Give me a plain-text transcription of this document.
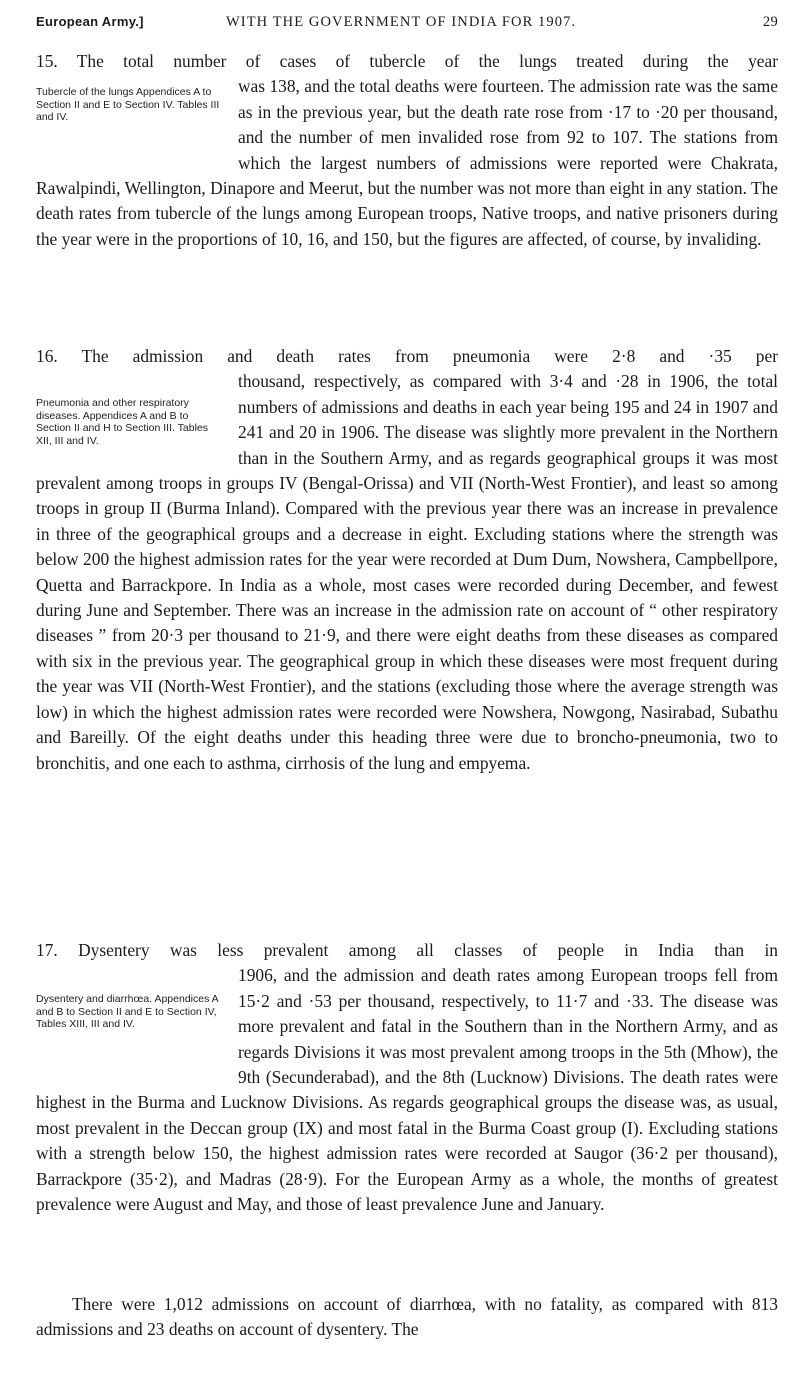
European Army.]	WITH THE GOVERNMENT OF INDIA FOR 1907.	29
15. The total number of cases of tubercle of the lungs treated during the year
Tubercle of the lungs Appendices A to Section II and E to Section IV. Tables III and IV.
was 138, and the total deaths were fourteen. The admission rate was the same as in the previous year, but the death rate rose from ·17 to ·20 per thousand, and the number of men invalided rose from 92 to 107. The stations from which the largest numbers of admissions were reported were Chakrata, Rawalpindi, Wellington, Dinapore and Meerut, but the number was not more than eight in any station. The death rates from tubercle of the lungs among European troops, Native troops, and native prisoners during the year were in the proportions of 10, 16, and 150, but the figures are affected, of course, by invaliding.
16. The admission and death rates from pneumonia were 2·8 and ·35 per
Pneumonia and other respiratory diseases. Appendices A and B to Section II and H to Section III. Tables XII, III and IV.
thousand, respectively, as compared with 3·4 and ·28 in 1906, the total numbers of admissions and deaths in each year being 195 and 24 in 1907 and 241 and 20 in 1906. The disease was slightly more prevalent in the Northern than in the Southern Army, and as regards geographical groups it was most prevalent among troops in groups IV (Bengal-Orissa) and VII (North-West Frontier), and least so among troops in group II (Burma Inland). Compared with the previous year there was an increase in prevalence in three of the geographical groups and a decrease in eight. Excluding stations where the strength was below 200 the highest admission rates for the year were recorded at Dum Dum, Nowshera, Campbellpore, Quetta and Barrackpore. In India as a whole, most cases were recorded during December, and fewest during June and September. There was an increase in the admission rate on account of “ other respiratory diseases ” from 20·3 per thousand to 21·9, and there were eight deaths from these diseases as compared with six in the previous year. The geographical group in which these diseases were most frequent during the year was VII (North-West Frontier), and the stations (excluding those where the average strength was low) in which the highest admission rates were recorded were Nowshera, Nowgong, Nasirabad, Subathu and Bareilly. Of the eight deaths under this heading three were due to broncho-pneumonia, two to bronchitis, and one each to asthma, cirrhosis of the lung and empyema.
17. Dysentery was less prevalent among all classes of people in India than in
Dysentery and diarrhœa. Appendices A and B to Section II and E to Section IV, Tables XIII, III and IV.
1906, and the admission and death rates among European troops fell from 15·2 and ·53 per thousand, respectively, to 11·7 and ·33. The disease was more prevalent and fatal in the Southern than in the Northern Army, and as regards Divisions it was most prevalent among troops in the 5th (Mhow), the 9th (Secunderabad), and the 8th (Lucknow) Divisions. The death rates were highest in the Burma and Lucknow Divisions. As regards geographical groups the disease was, as usual, most prevalent in the Deccan group (IX) and most fatal in the Burma Coast group (I). Excluding stations with a strength below 150, the highest admission rates were recorded at Saugor (36·2 per thousand), Barrackpore (35·2), and Madras (28·9). For the European Army as a whole, the months of greatest prevalence were August and May, and those of least prevalence June and January.
There were 1,012 admissions on account of diarrhœa, with no fatality, as compared with 813 admissions and 23 deaths on account of dysentery. The
